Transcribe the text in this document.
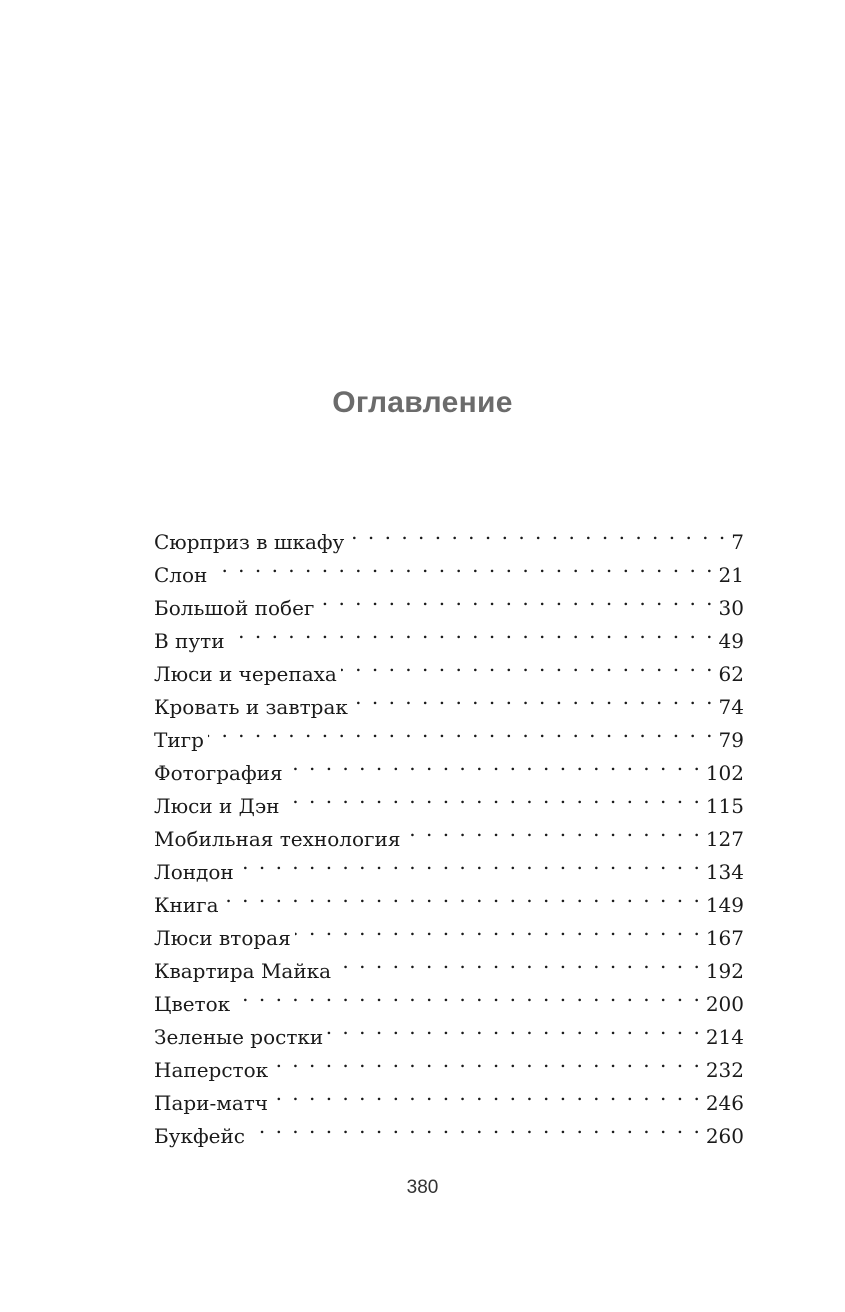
Оглавление
Сюрприз в шкафу . . .	7
Слон . . .	21
Большой побег . . .	30
В пути . . .	49
Люси и черепаха . . .	62
Кровать и завтрак . . .	74
Тигр . . .	79
Фотография . . .	102
Люси и Дэн . . .	115
Мобильная технология . . .	127
Лондон . . .	134
Книга . . .	149
Люси вторая . . .	167
Квартира Майка . . .	192
Цветок . . .	200
Зеленые ростки . . .	214
Наперсток . . .	232
Пари-матч . . .	246
Букфейс . . .	260
380
